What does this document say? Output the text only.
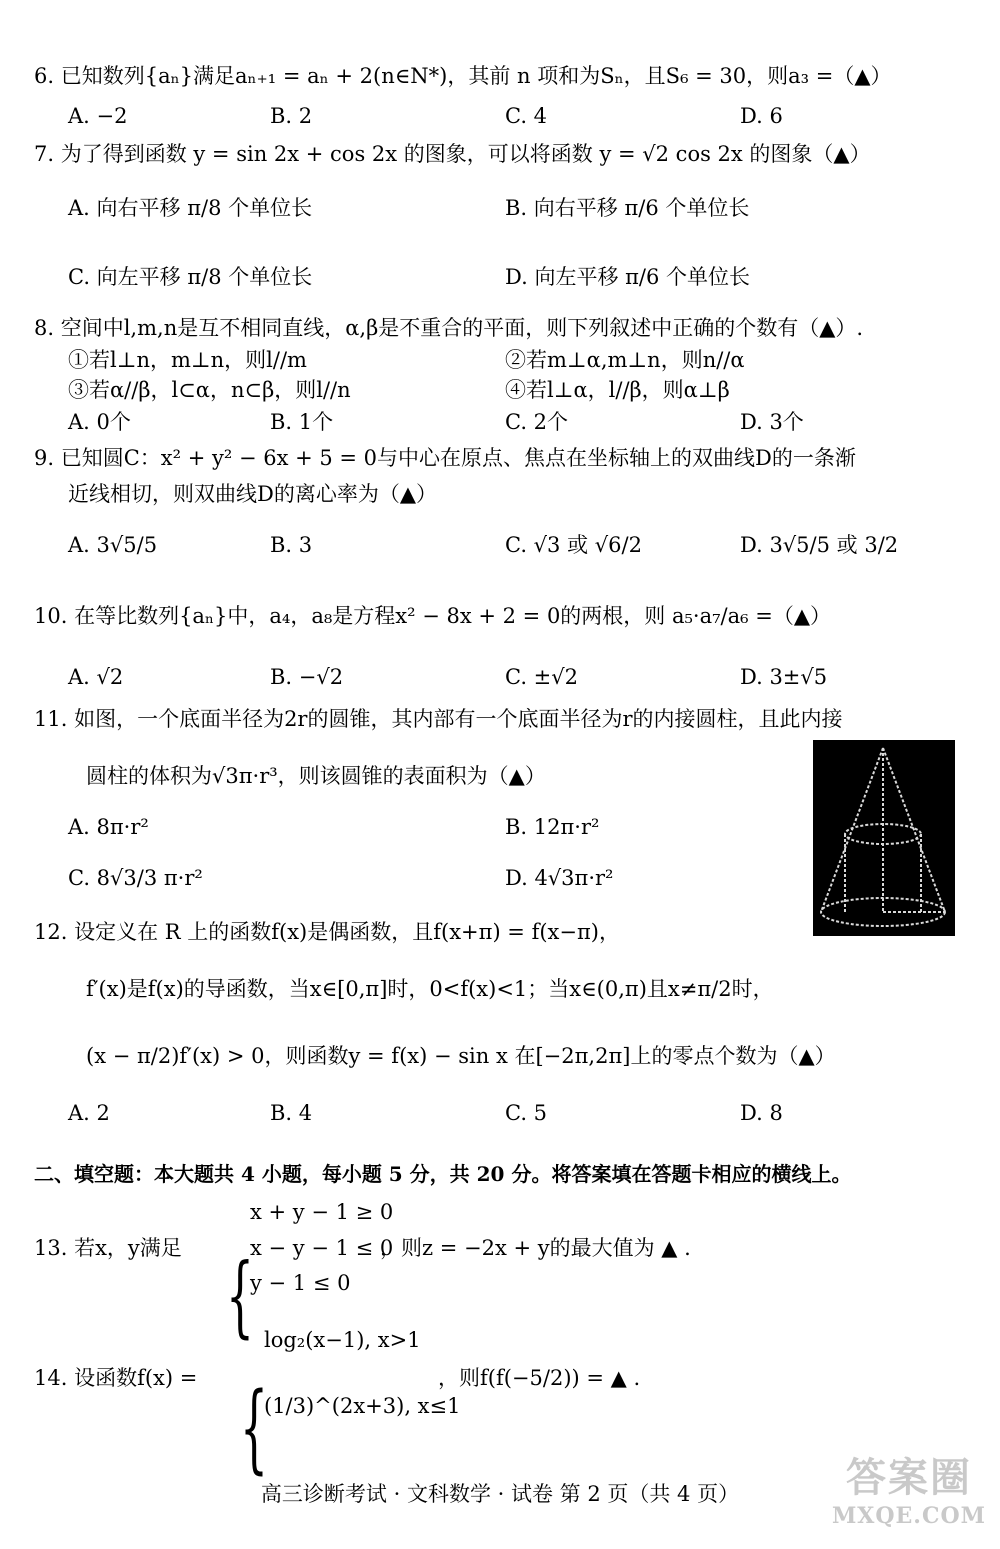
6. 已知数列{aₙ}满足aₙ₊₁ = aₙ + 2(n∈N*)，其前 n 项和为Sₙ，且S₆ = 30，则a₃ =（▲）
A. −2	B. 2	C. 4	D. 6
7. 为了得到函数 y = sin 2x + cos 2x 的图象，可以将函数 y = √2 cos 2x 的图象（▲）
A. 向右平移 π/8 个单位长	B. 向右平移 π/6 个单位长
C. 向左平移 π/8 个单位长	D. 向左平移 π/6 个单位长
8. 空间中l,m,n是互不相同直线，α,β是不重合的平面，则下列叙述中正确的个数有（▲）.
①若l⊥n，m⊥n，则l//m	②若m⊥α,m⊥n，则n//α
③若α//β，l⊂α，n⊂β，则l//n	④若l⊥α，l//β，则α⊥β
A. 0个	B. 1个	C. 2个	D. 3个
9. 已知圆C：x² + y² − 6x + 5 = 0与中心在原点、焦点在坐标轴上的双曲线D的一条渐
近线相切，则双曲线D的离心率为（▲）
A. 3√5/5	B. 3	C. √3 或 √6/2	D. 3√5/5 或 3/2
10. 在等比数列{aₙ}中，a₄，a₈是方程x² − 8x + 2 = 0的两根，则 a₅·a₇/a₆ =（▲）
A. √2	B. −√2	C. ±√2	D. 3±√5
11. 如图，一个底面半径为2r的圆锥，其内部有一个底面半径为r的内接圆柱，且此内接
圆柱的体积为√3π·r³，则该圆锥的表面积为（▲）
A. 8π·r²	B. 12π·r²
C. 8√3/3 π·r²	D. 4√3π·r²
12. 设定义在 R 上的函数f(x)是偶函数，且f(x+π) = f(x−π)，
f′(x)是f(x)的导函数，当x∈[0,π]时，0<f(x)<1；当x∈(0,π)且x≠π/2时，
(x − π/2)f′(x) > 0，则函数y = f(x) − sin x 在[−2π,2π]上的零点个数为（▲）
A. 2	B. 4	C. 5	D. 8
二、填空题：本大题共 4 小题，每小题 5 分，共 20 分。将答案填在答题卡相应的横线上。
13. 若x，y满足 {
x + y − 1 ≥ 0
x − y − 1 ≤ 0
y − 1 ≤ 0
，则z = −2x + y的最大值为 ▲ .
14. 设函数f(x) = {
log₂(x−1), x>1
(1/3)^(2x+3), x≤1
，则f(f(−5/2)) = ▲ .
高三诊断考试 · 文科数学 · 试卷 第 2 页（共 4 页）	答案圈
MXQE.COM
